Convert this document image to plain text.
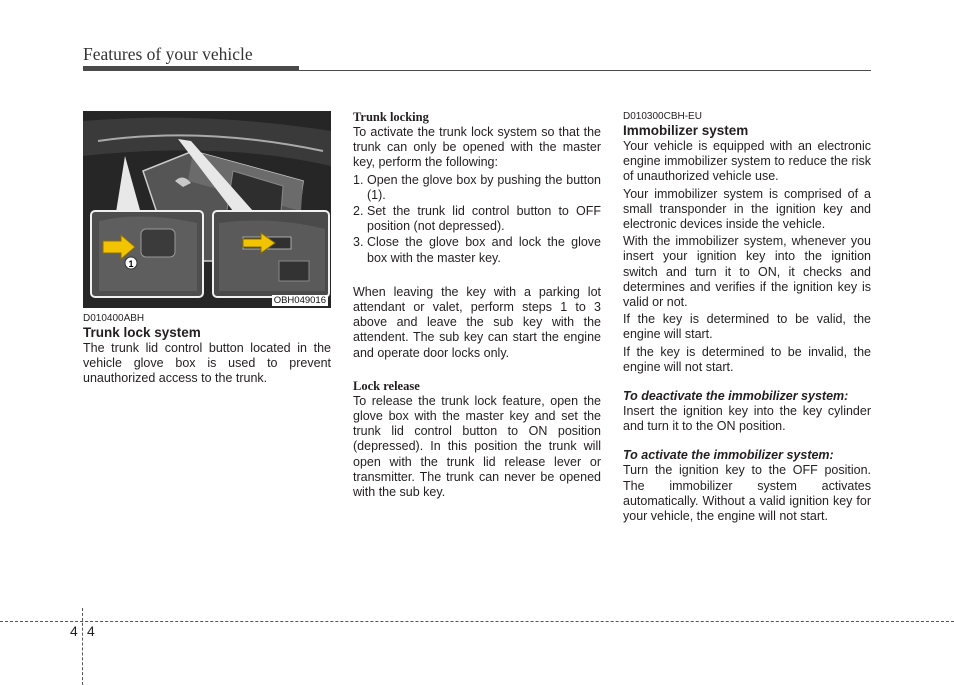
Features of your vehicle
1
OBH049016

D010400ABH

Trunk lock system

The trunk lid control button located in the vehicle glove box is used to prevent unauthorized access to the trunk.

Trunk locking

To activate the trunk lock system so that the trunk can only be opened with the master key, perform the following:

1. Open the glove box by pushing the button (1).
2. Set the trunk lid control button to OFF position (not depressed).
3. Close the glove box and lock the glove box with the master key.

When leaving the key with a parking lot attendant or valet, perform steps 1 to 3 above and leave the sub key with the attendent. The sub key can start the engine and operate door locks only.

Lock release

To release the trunk lock feature, open the glove box with the master key and set the trunk lid control button to ON position (depressed). In this position the trunk will open with the trunk lid release lever or transmitter. The trunk can never be opened with the sub key.

D010300CBH-EU

Immobilizer system

Your vehicle is equipped with an electronic engine immobilizer system to reduce the risk of unauthorized vehicle use.

Your immobilizer system is comprised of a small transponder in the ignition key and electronic devices inside the vehicle.

With the immobilizer system, whenever you insert your ignition key into the ignition switch and turn it to ON, it checks and determines and verifies if the ignition key is valid or not.

If the key is determined to be valid, the engine will start.

If the key is determined to be invalid, the engine will not start.

To deactivate the immobilizer system:

Insert the ignition key into the key cylinder and turn it to the ON position.

To activate the immobilizer system:

Turn the ignition key to the OFF position. The immobilizer system activates automatically. Without a valid ignition key for your vehicle, the engine will not start.

4 4
